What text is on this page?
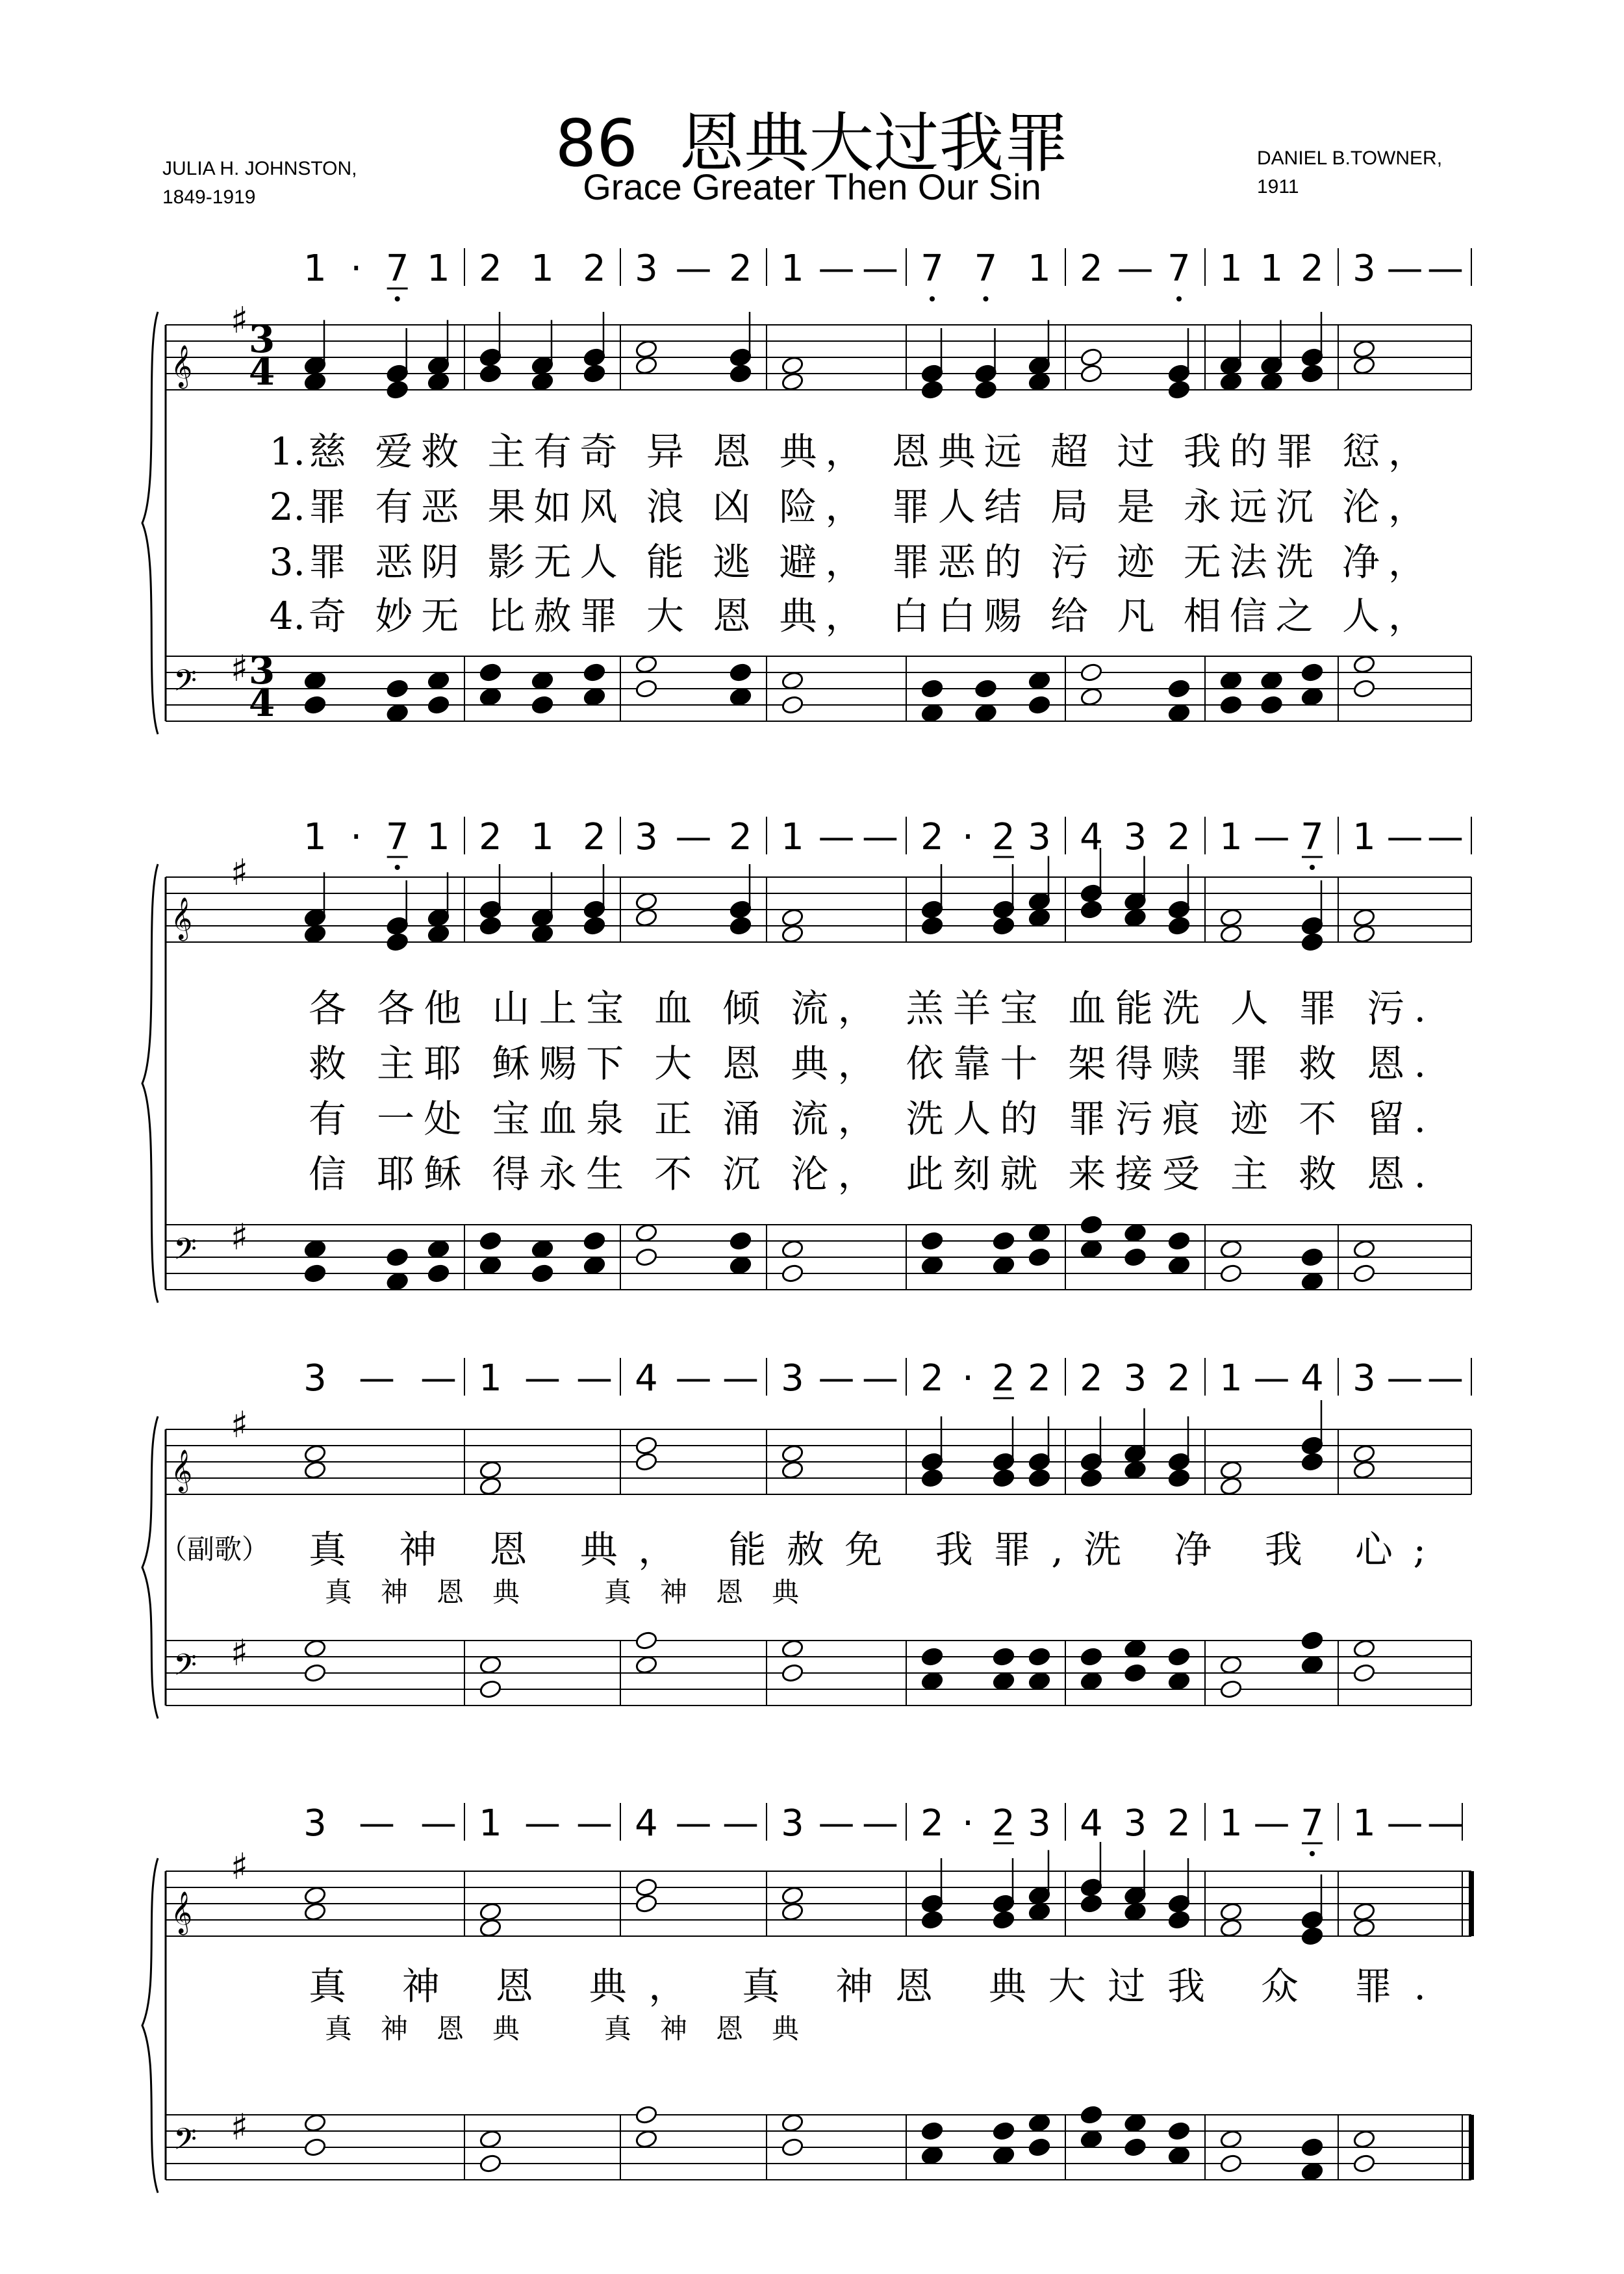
86 恩典大过我罪
Grace Greater Then Our Sin
JULIA H. JOHNSTON,
1849-1919
DANIEL B.TOWNER,
1911
𝄞
𝄢
♯
♯
3
4
3
4
1 · 7 1 2 1 2 3 — 2 1 — — 7 7 1 2 — 7 1 1 2 3 — —
1. 慈 爱救 主有奇 异 恩 典， 恩典远 超 过 我的罪 愆，
2. 罪 有恶 果如风 浪 凶 险， 罪人结 局 是 永远沉 沦，
3. 罪 恶阴 影无人 能 逃 避， 罪恶的 污 迹 无法洗 净，
4. 奇 妙无 比赦罪 大 恩 典， 白白赐 给 凡 相信之 人，
𝄞
𝄢
♯
♯
1 · 7 1 2 1 2 3 — 2 1 — — 2 · 2 3 4 3 2 1 — 7 1 — —
各 各他 山上宝 血 倾 流， 羔羊宝 血能洗 人 罪 污.
救 主耶 稣赐下 大 恩 典， 依靠十 架得赎 罪 救 恩.
有 一处 宝血泉 正 涌 流， 洗人的 罪污痕 迹 不 留.
信 耶稣 得永生 不 沉 沦， 此刻就 来接受 主 救 恩.
𝄞
𝄢
♯
♯
3 — — 1 — — 4 — — 3 — — 2 · 2 2 2 3 2 1 — 4 3 — —
真 神 恩 典， 能赦免 我罪,洗 净 我 心;
（副歌）
真 神 恩 典	真 神 恩 典
𝄞
𝄢
♯
♯
3 — — 1 — — 4 — — 3 — — 2 · 2 3 4 3 2 1 — 7 1 — —
真 神 恩 典， 真 神恩 典大过我 众 罪.
真 神 恩 典	真 神 恩 典
